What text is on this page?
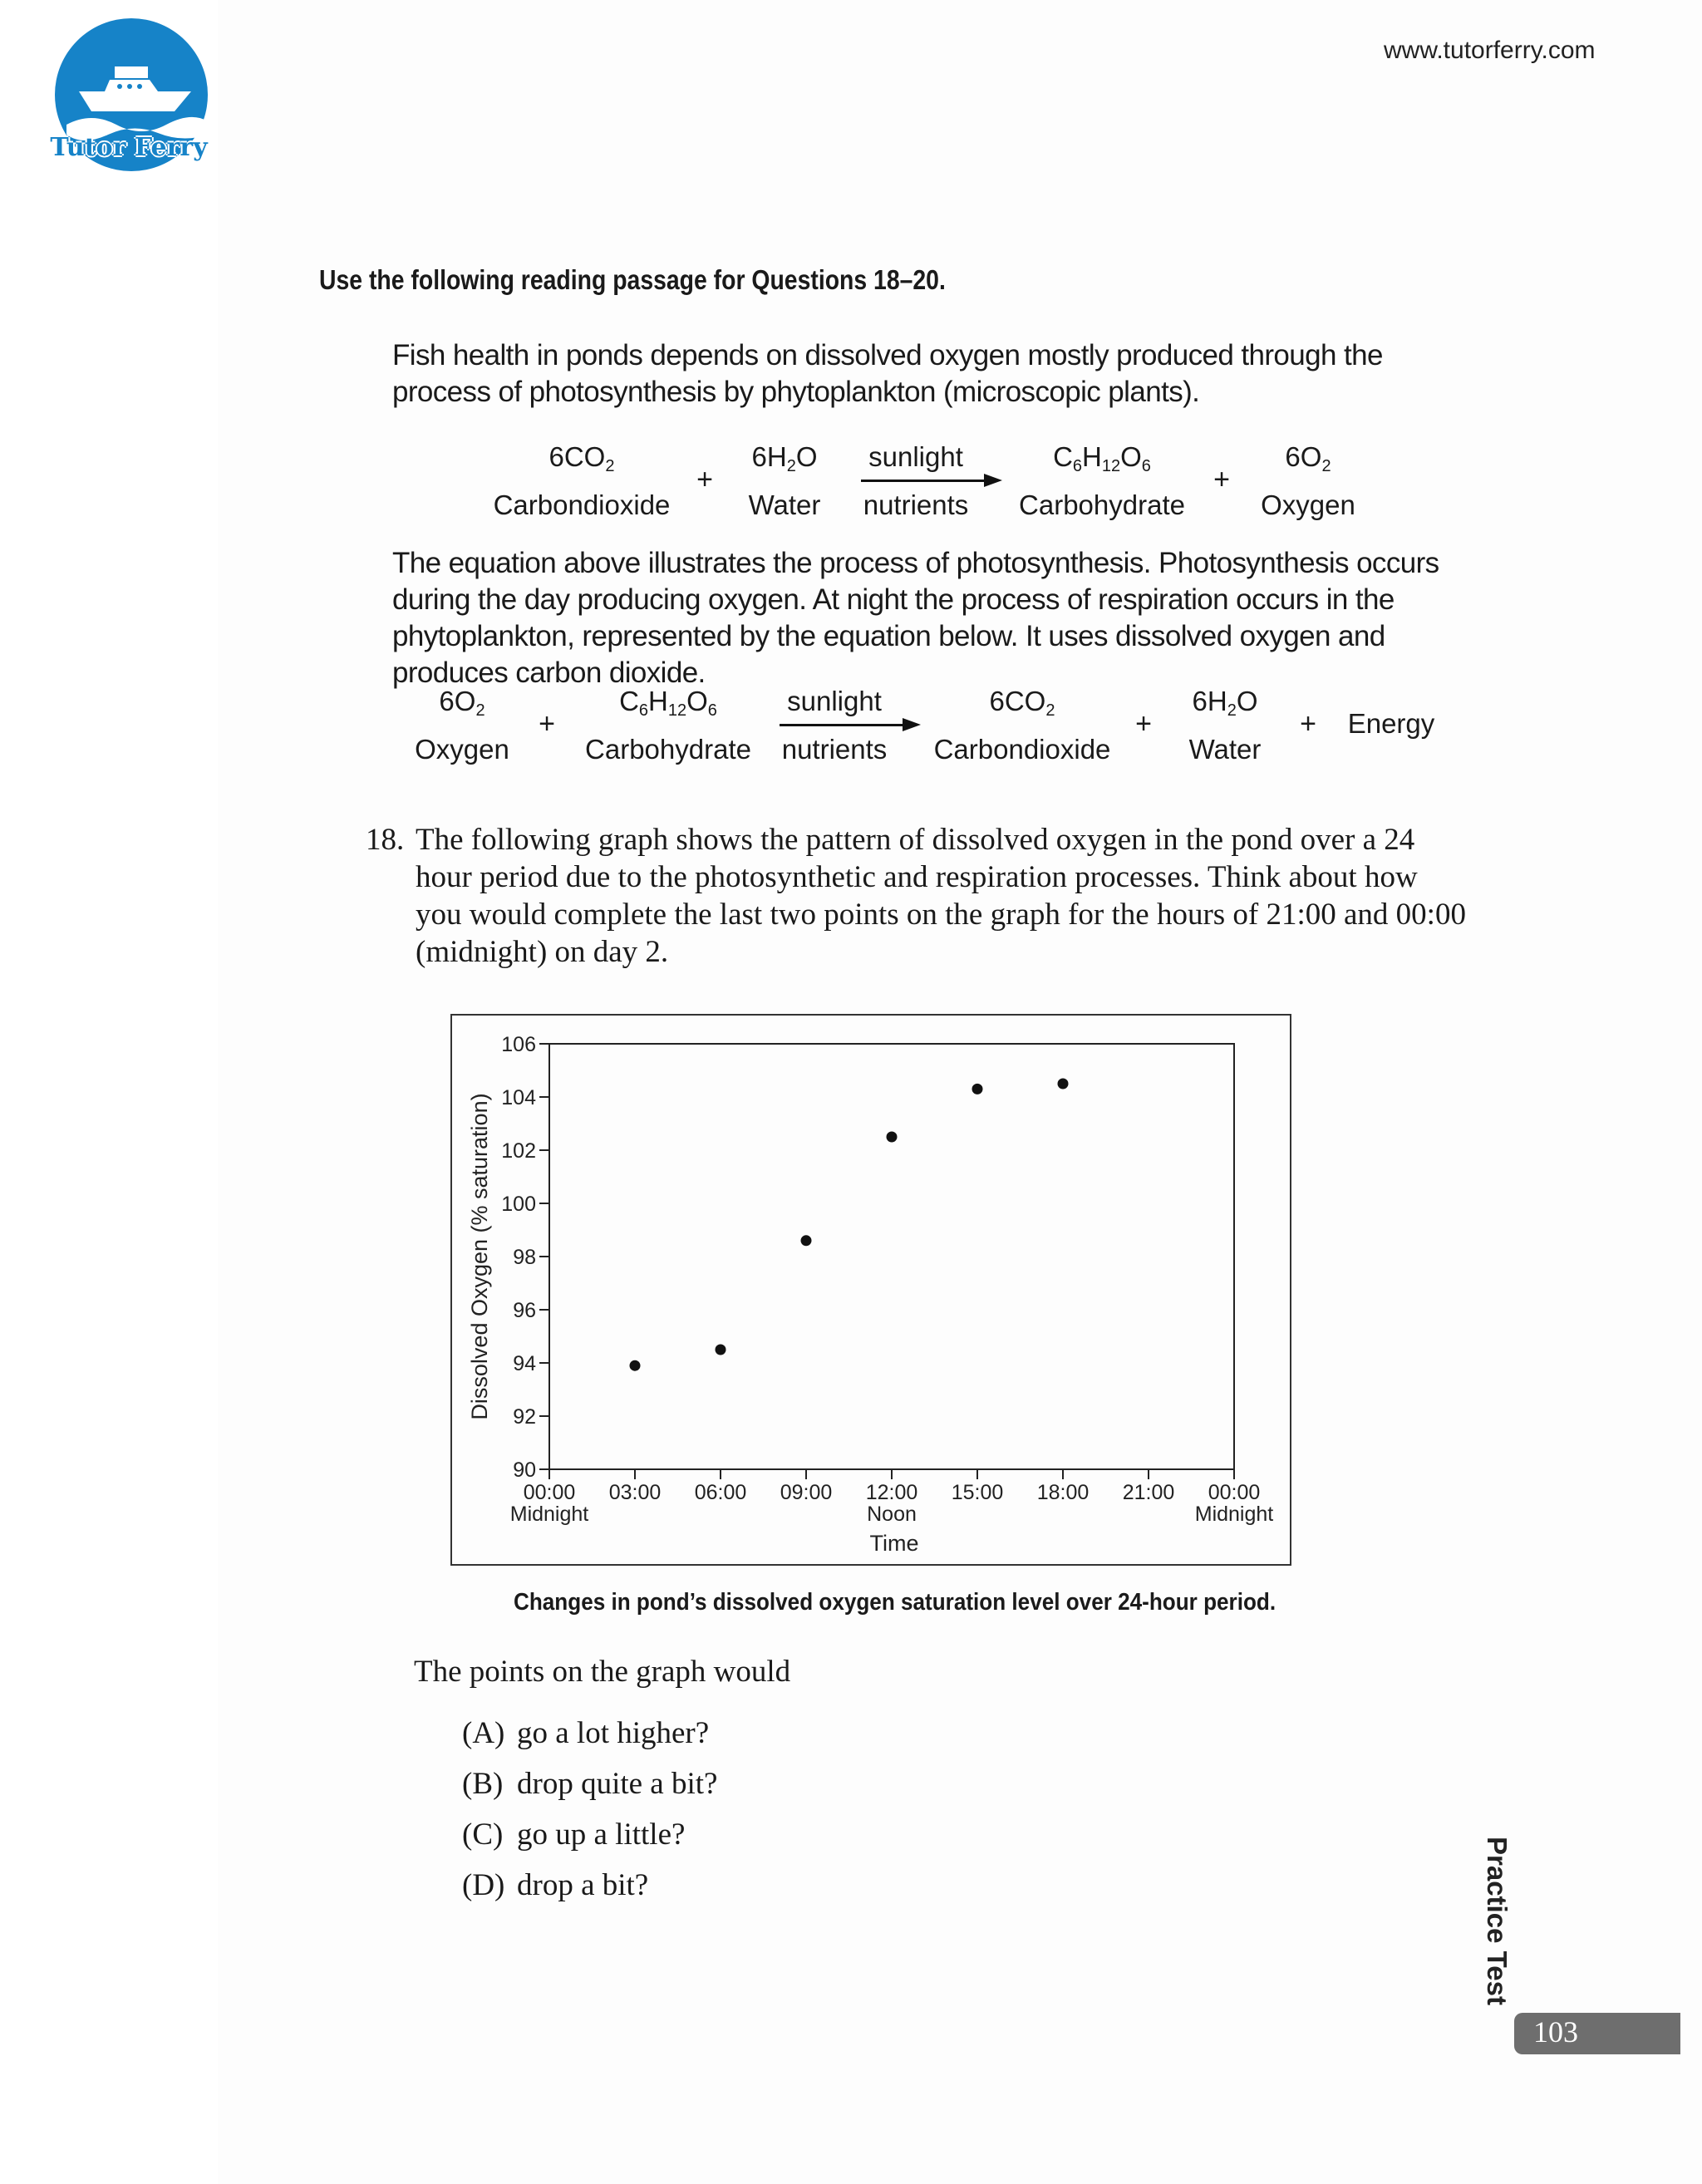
Tutor Ferry
www.tutorferry.com
Use the following reading passage for Questions 18–20.
Fish health in ponds depends on dissolved oxygen mostly produced through the process of photosynthesis by phytoplankton (microscopic plants).
$6CO_2$
Carbondioxide
+
$6H_2O$
Water
sunlight
nutrients
$C_6H_{12}O_6$
Carbohydrate
+
$6O_2$
Oxygen
The equation above illustrates the process of photosynthesis. Photosynthesis occurs during the day producing oxygen. At night the process of respiration occurs in the phytoplankton, represented by the equation below. It uses dissolved oxygen and produces carbon dioxide.
$6O_2$
Oxygen
+
$C_6H_{12}O_6$
Carbohydrate
sunlight
nutrients
$6CO_2$
Carbondioxide
+
$6H_2O$
Water
+ Energy
18. The following graph shows the pattern of dissolved oxygen in the pond over a 24 hour period due to the photosynthetic and respiration processes. Think about how you would complete the last two points on the graph for the hours of 21:00 and 00:00 (midnight) on day 2.
Dissolved Oxygen (% saturation)
Time
90
92
94
96
98
100
102
104
106
00:00
Midnight
03:00 06:00 09:00 12:00
Noon
15:00 18:00 21:00 00:00
Midnight
Changes in pond’s dissolved oxygen saturation level over 24-hour period.
The points on the graph would
(A) go a lot higher?
(B) drop quite a bit?
(C) go up a little?
(D) drop a bit?	Practice Test
103
